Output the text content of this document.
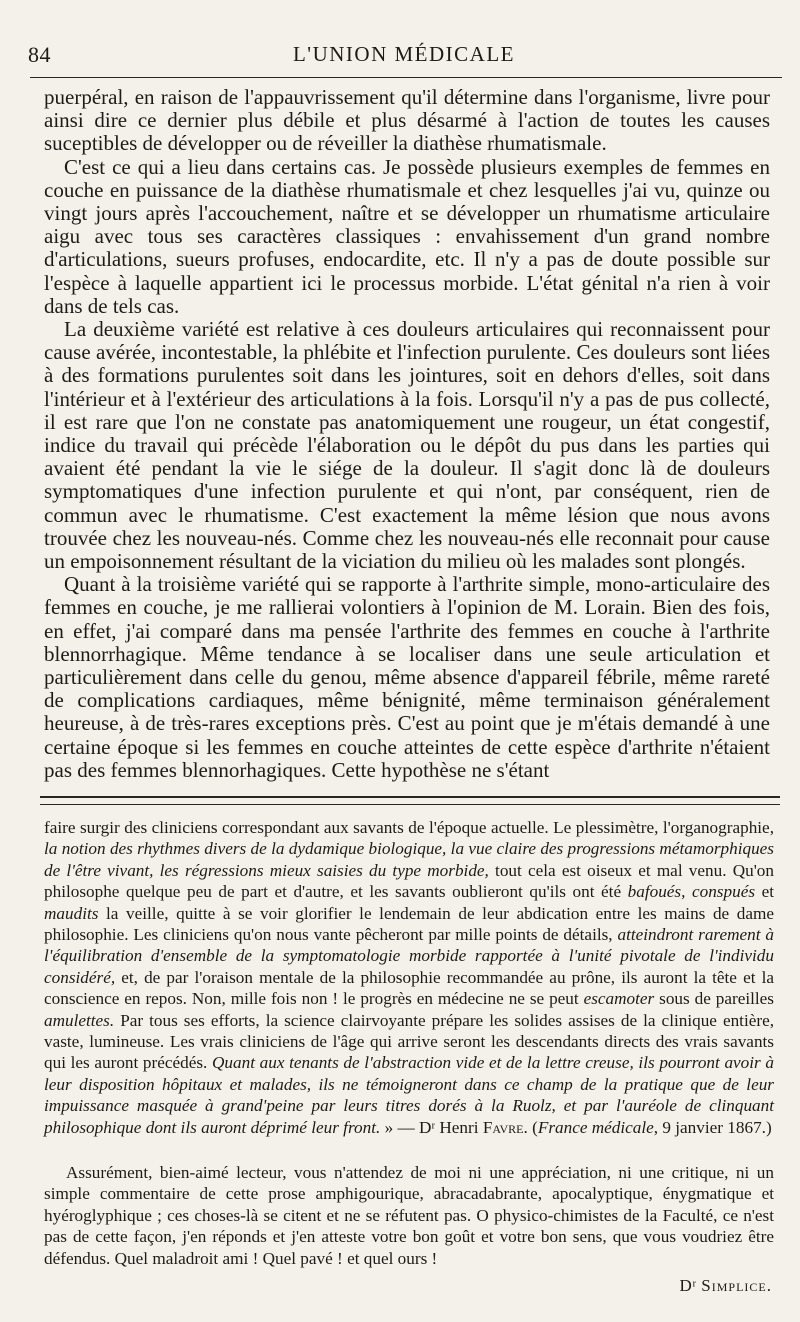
84	L'UNION MÉDICALE

puerpéral, en raison de l'appauvrissement qu'il détermine dans l'organisme, livre pour ainsi dire ce dernier plus débile et plus désarmé à l'action de toutes les causes suceptibles de développer ou de réveiller la diathèse rhumatismale.

C'est ce qui a lieu dans certains cas. Je possède plusieurs exemples de femmes en couche en puissance de la diathèse rhumatismale et chez lesquelles j'ai vu, quinze ou vingt jours après l'accouchement, naître et se développer un rhumatisme articulaire aigu avec tous ses caractères classiques : envahissement d'un grand nombre d'articulations, sueurs profuses, endocardite, etc. Il n'y a pas de doute possible sur l'espèce à laquelle appartient ici le processus morbide. L'état génital n'a rien à voir dans de tels cas.

La deuxième variété est relative à ces douleurs articulaires qui reconnaissent pour cause avérée, incontestable, la phlébite et l'infection purulente. Ces douleurs sont liées à des formations purulentes soit dans les jointures, soit en dehors d'elles, soit dans l'intérieur et à l'extérieur des articulations à la fois. Lorsqu'il n'y a pas de pus collecté, il est rare que l'on ne constate pas anatomiquement une rougeur, un état congestif, indice du travail qui précède l'élaboration ou le dépôt du pus dans les parties qui avaient été pendant la vie le siége de la douleur. Il s'agit donc là de douleurs symptomatiques d'une infection purulente et qui n'ont, par conséquent, rien de commun avec le rhumatisme. C'est exactement la même lésion que nous avons trouvée chez les nouveau-nés. Comme chez les nouveau-nés elle reconnait pour cause un empoisonnement résultant de la viciation du milieu où les malades sont plongés.

Quant à la troisième variété qui se rapporte à l'arthrite simple, mono-articulaire des femmes en couche, je me rallierai volontiers à l'opinion de M. Lorain. Bien des fois, en effet, j'ai comparé dans ma pensée l'arthrite des femmes en couche à l'arthrite blennorrhagique. Même tendance à se localiser dans une seule articulation et particulièrement dans celle du genou, même absence d'appareil fébrile, même rareté de complications cardiaques, même bénignité, même terminaison généralement heureuse, à de très-rares exceptions près. C'est au point que je m'étais demandé à une certaine époque si les femmes en couche atteintes de cette espèce d'arthrite n'étaient pas des femmes blennorhagiques. Cette hypothèse ne s'étant

faire surgir des cliniciens correspondant aux savants de l'époque actuelle. Le plessimètre, l'organographie, la notion des rhythmes divers de la dydamique biologique, la vue claire des progressions métamorphiques de l'être vivant, les régressions mieux saisies du type morbide, tout cela est oiseux et mal venu. Qu'on philosophe quelque peu de part et d'autre, et les savants oublieront qu'ils ont été bafoués, conspués et maudits la veille, quitte à se voir glorifier le lendemain de leur abdication entre les mains de dame philosophie. Les cliniciens qu'on nous vante pêcheront par mille points de détails, atteindront rarement à l'équilibration d'ensemble de la symptomatologie morbide rapportée à l'unité pivotale de l'individu considéré, et, de par l'oraison mentale de la philosophie recommandée au prône, ils auront la tête et la conscience en repos. Non, mille fois non ! le progrès en médecine ne se peut escamoter sous de pareilles amulettes. Par tous ses efforts, la science clairvoyante prépare les solides assises de la clinique entière, vaste, lumineuse. Les vrais cliniciens de l'âge qui arrive seront les descendants directs des vrais savants qui les auront précédés. Quant aux tenants de l'abstraction vide et de la lettre creuse, ils pourront avoir à leur disposition hôpitaux et malades, ils ne témoigneront dans ce champ de la pratique que de leur impuissance masquée à grand'peine par leurs titres dorés à la Ruolz, et par l'auréole de clinquant philosophique dont ils auront déprimé leur front. » — Dʳ Henri Favre. (France médicale, 9 janvier 1867.)

Assurément, bien-aimé lecteur, vous n'attendez de moi ni une appréciation, ni une critique, ni un simple commentaire de cette prose amphigourique, abracadabrante, apocalyptique, énygmatique et hyéroglyphique ; ces choses-là se citent et ne se réfutent pas. O physico-chimistes de la Faculté, ce n'est pas de cette façon, j'en réponds et j'en atteste votre bon goût et votre bon sens, que vous voudriez être défendus. Quel maladroit ami ! Quel pavé ! et quel ours !

Dʳ Simplice.
